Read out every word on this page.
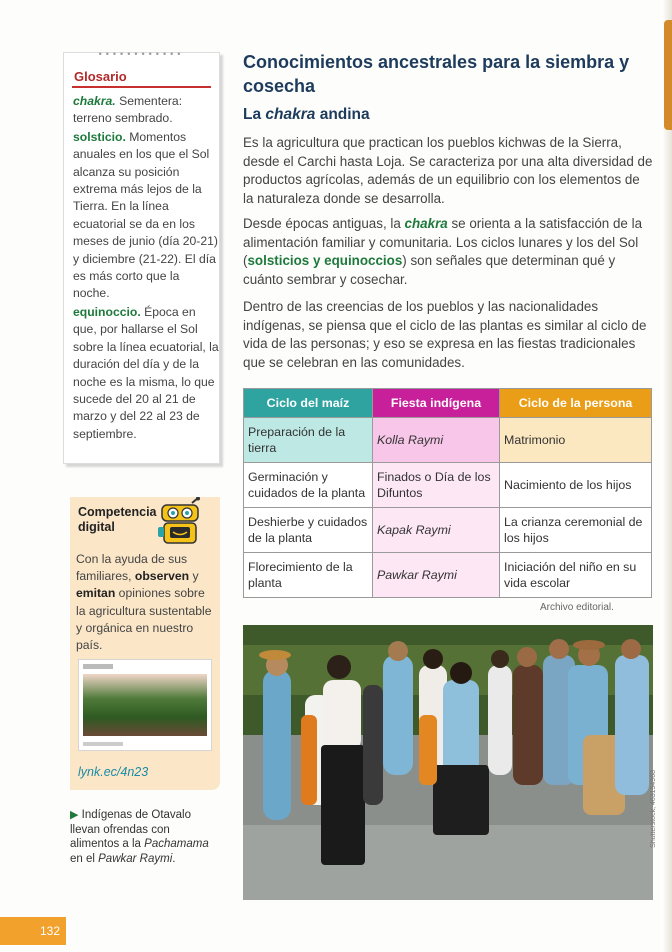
••••••••••••
Glosario
chakra. Sementera: terreno sembrado.
solsticio. Momentos anuales en los que el Sol alcanza su posición extrema más lejos de la Tierra. En la línea ecuatorial se da en los meses de junio (día 20-21) y diciembre (21-22). El día es más corto que la noche.
equinoccio. Época en que, por hallarse el Sol sobre la línea ecuatorial, la duración del día y de la noche es la misma, lo que sucede del 20 al 21 de marzo y del 22 al 23 de septiembre.
Competencia
digital
Con la ayuda de sus familiares, observen y emitan opiniones sobre la agricultura sustentable y orgánica en nuestro país.
lynk.ec/4n23
▶ Indígenas de Otavalo llevan ofrendas con alimentos a la Pachamama en el Pawkar Raymi.
132
Conocimientos ancestrales para la siembra y cosecha
La chakra andina
Es la agricultura que practican los pueblos kichwas de la Sierra, desde el Carchi hasta Loja. Se caracteriza por una alta diversidad de productos agrícolas, además de un equilibrio con los elementos de la naturaleza donde se desarrolla.
Desde épocas antiguas, la chakra se orienta a la satisfacción de la alimentación familiar y comunitaria. Los ciclos lunares y los del Sol (solsticios y equinoccios) son señales que determinan qué y cuánto sembrar y cosechar.
Dentro de las creencias de los pueblos y las nacionalidades indígenas, se piensa que el ciclo de las plantas es similar al ciclo de vida de las personas; y eso se expresa en las fiestas tradicionales que se celebran en las comunidades.
Ciclo del maíz	Fiesta indígena	Ciclo de la persona
Preparación de la tierra	Kolla Raymi	Matrimonio
Germinación y cuidados de la planta	Finados o Día de los Difuntos	Nacimiento de los hijos
Deshierbe y cuidados de la planta	Kapak Raymi	La crianza ceremonial de los hijos
Florecimiento de la planta	Pawkar Raymi	Iniciación del niño en su vida escolar
Archivo editorial.
Shutterstock, 463154968
